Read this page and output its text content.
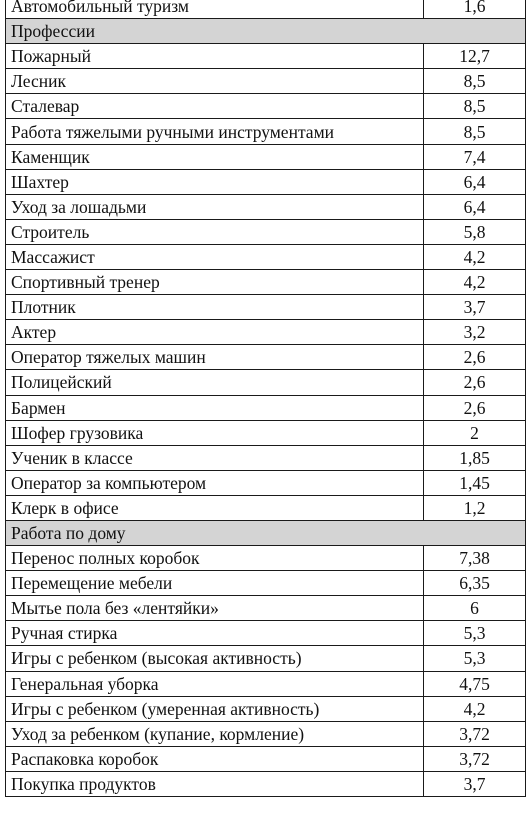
Автомобильный туризм	1,6
Профессии	
Пожарный	12,7
Лесник	8,5
Сталевар	8,5
Работа тяжелыми ручными инструментами	8,5
Каменщик	7,4
Шахтер	6,4
Уход за лошадьми	6,4
Строитель	5,8
Массажист	4,2
Спортивный тренер	4,2
Плотник	3,7
Актер	3,2
Оператор тяжелых машин	2,6
Полицейский	2,6
Бармен	2,6
Шофер грузовика	2
Ученик в классе	1,85
Оператор за компьютером	1,45
Клерк в офисе	1,2
Работа по дому	
Перенос полных коробок	7,38
Перемещение мебели	6,35
Мытье пола без «лентяйки»	6
Ручная стирка	5,3
Игры с ребенком (высокая активность)	5,3
Генеральная уборка	4,75
Игры с ребенком (умеренная активность)	4,2
Уход за ребенком (купание, кормление)	3,72
Распаковка коробок	3,72
Покупка продуктов	3,7
